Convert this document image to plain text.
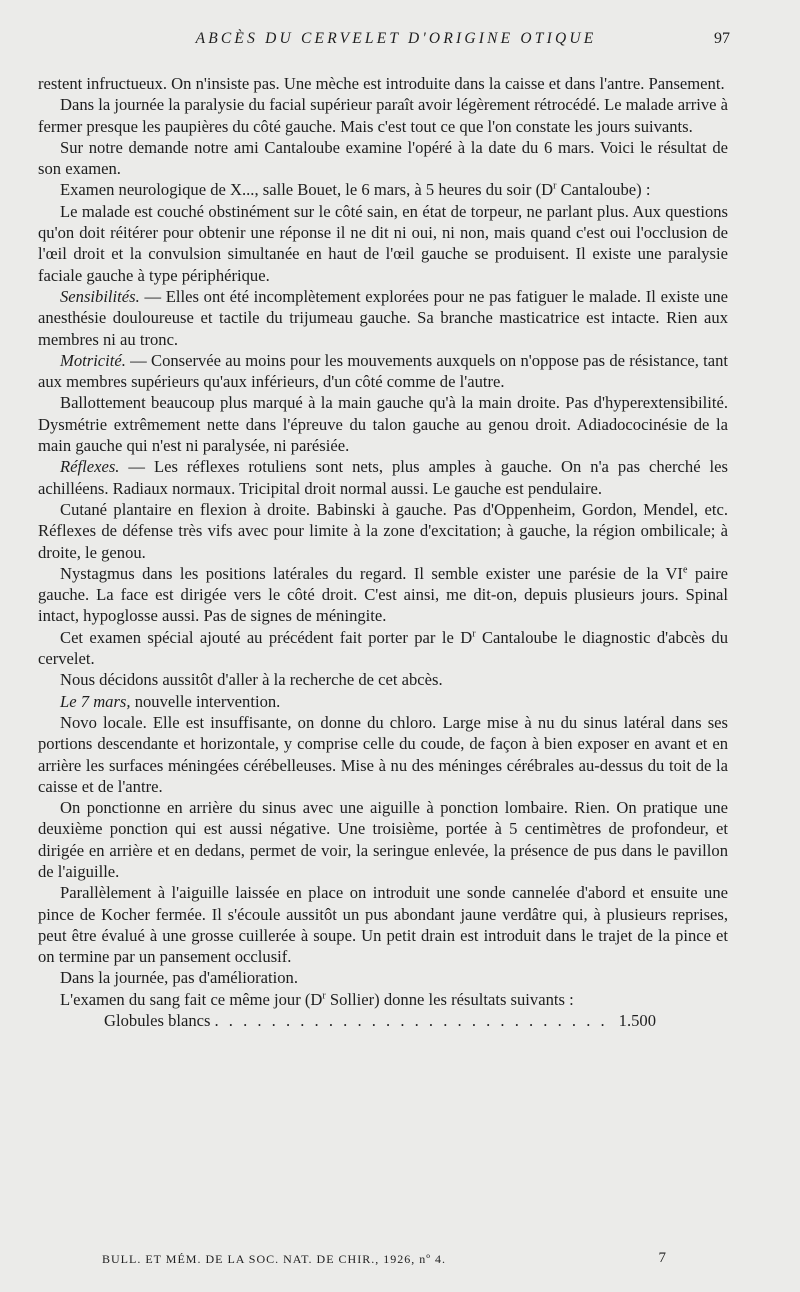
ABCÈS DU CERVELET D'ORIGINE OTIQUE	97

restent infructueux. On n'insiste pas. Une mèche est introduite dans la caisse et dans l'antre. Pansement.

Dans la journée la paralysie du facial supérieur paraît avoir légèrement rétrocédé. Le malade arrive à fermer presque les paupières du côté gauche. Mais c'est tout ce que l'on constate les jours suivants.

Sur notre demande notre ami Cantaloube examine l'opéré à la date du 6 mars. Voici le résultat de son examen.

Examen neurologique de X..., salle Bouet, le 6 mars, à 5 heures du soir ($D^r$ Cantaloube) :

Le malade est couché obstinément sur le côté sain, en état de torpeur, ne parlant plus. Aux questions qu'on doit réitérer pour obtenir une réponse il ne dit ni oui, ni non, mais quand c'est oui l'occlusion de l'œil droit et la convulsion simultanée en haut de l'œil gauche se produisent. Il existe une paralysie faciale gauche à type périphérique.

Sensibilités. — Elles ont été incomplètement explorées pour ne pas fatiguer le malade. Il existe une anesthésie douloureuse et tactile du trijumeau gauche. Sa branche masticatrice est intacte. Rien aux membres ni au tronc.

Motricité. — Conservée au moins pour les mouvements auxquels on n'oppose pas de résistance, tant aux membres supérieurs qu'aux inférieurs, d'un côté comme de l'autre.

Ballottement beaucoup plus marqué à la main gauche qu'à la main droite. Pas d'hyperextensibilité. Dysmétrie extrêmement nette dans l'épreuve du talon gauche au genou droit. Adiadococinésie de la main gauche qui n'est ni paralysée, ni parésiée.

Réflexes. — Les réflexes rotuliens sont nets, plus amples à gauche. On n'a pas cherché les achilléens. Radiaux normaux. Tricipital droit normal aussi. Le gauche est pendulaire.

Cutané plantaire en flexion à droite. Babinski à gauche. Pas d'Oppenheim, Gordon, Mendel, etc. Réflexes de défense très vifs avec pour limite à la zone d'excitation; à gauche, la région ombilicale; à droite, le genou.

Nystagmus dans les positions latérales du regard. Il semble exister une parésie de la VIe paire gauche. La face est dirigée vers le côté droit. C'est ainsi, me dit-on, depuis plusieurs jours. Spinal intact, hypoglosse aussi. Pas de signes de méningite.

Cet examen spécial ajouté au précédent fait porter par le $D^r$ Cantaloube le diagnostic d'abcès du cervelet.

Nous décidons aussitôt d'aller à la recherche de cet abcès.

Le 7 mars, nouvelle intervention.

Novo locale. Elle est insuffisante, on donne du chloro. Large mise à nu du sinus latéral dans ses portions descendante et horizontale, y comprise celle du coude, de façon à bien exposer en avant et en arrière les surfaces méningées cérébelleuses. Mise à nu des méninges cérébrales au-dessus du toit de la caisse et de l'antre.

On ponctionne en arrière du sinus avec une aiguille à ponction lombaire. Rien. On pratique une deuxième ponction qui est aussi négative. Une troisième, portée à 5 centimètres de profondeur, et dirigée en arrière et en dedans, permet de voir, la seringue enlevée, la présence de pus dans le pavillon de l'aiguille.

Parallèlement à l'aiguille laissée en place on introduit une sonde cannelée d'abord et ensuite une pince de Kocher fermée. Il s'écoule aussitôt un pus abondant jaune verdâtre qui, à plusieurs reprises, peut être évalué à une grosse cuillerée à soupe. Un petit drain est introduit dans le trajet de la pince et on termine par un pansement occlusif.

Dans la journée, pas d'amélioration.

L'examen du sang fait ce même jour ($D^r$ Sollier) donne les résultats suivants :

Globules blancs
. . .	1.500
BULL. ET MÉM. DE LA SOC. NAT. DE CHIR., 1926, nº 4.	7
